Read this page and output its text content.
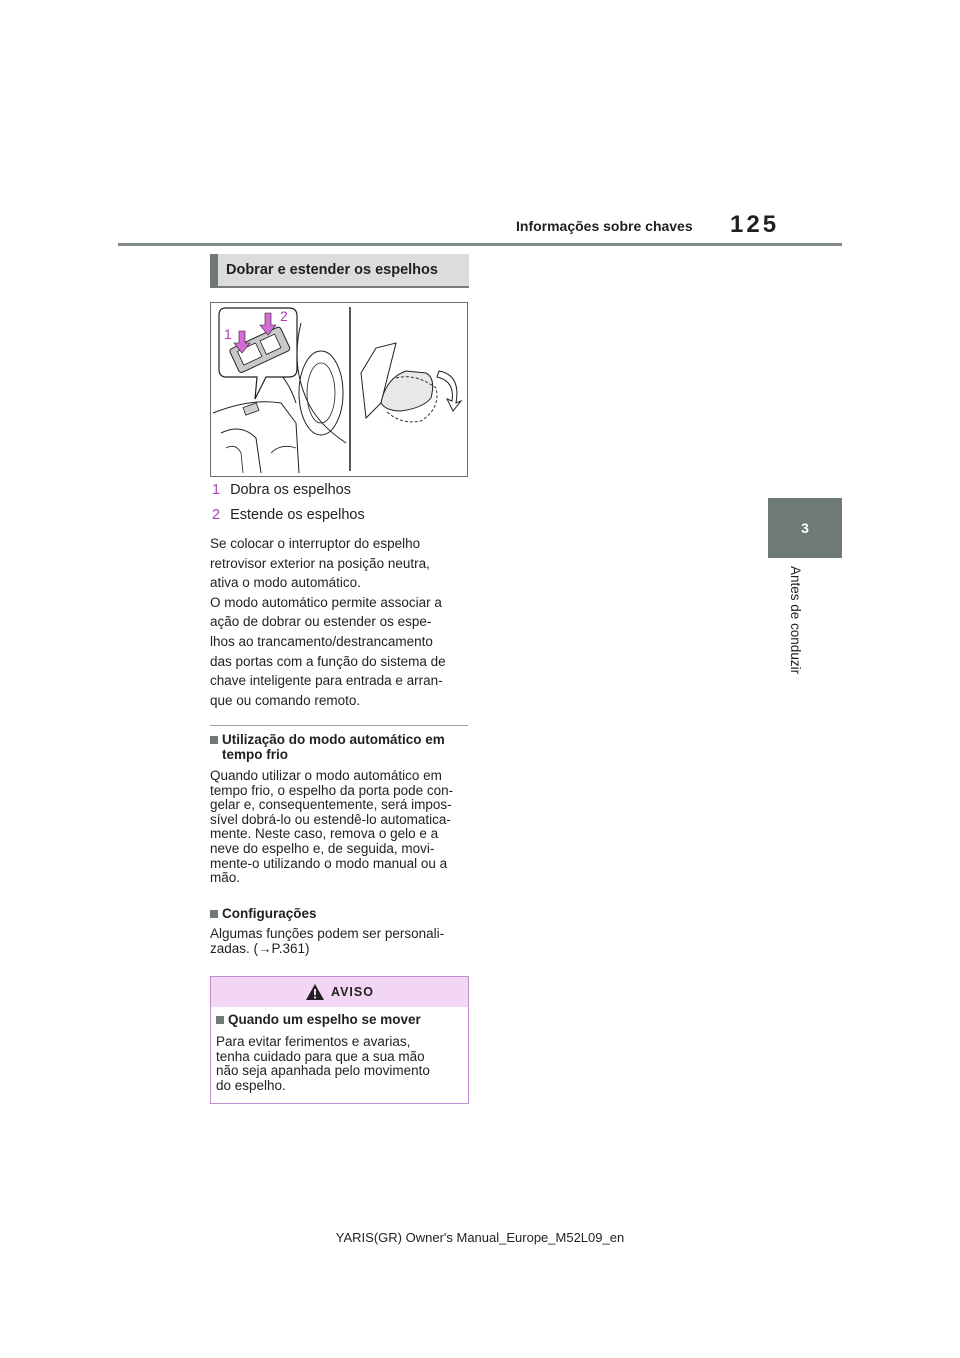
Informações sobre chaves 125
3
Antes de conduzir
Dobrar e estender os espelhos
1
2
1 Dobra os espelhos
2 Estende os espelhos
Se colocar o interruptor do espelho
retrovisor exterior na posição neutra,
ativa o modo automático.
O modo automático permite associar a
ação de dobrar ou estender os espe-
lhos ao trancamento/destrancamento
das portas com a função do sistema de
chave inteligente para entrada e arran-
que ou comando remoto.
Utilização do modo automático em
tempo frio
Quando utilizar o modo automático em
tempo frio, o espelho da porta pode con-
gelar e, consequentemente, será impos-
sível dobrá-lo ou estendê-lo automatica-
mente. Neste caso, remova o gelo e a
neve do espelho e, de seguida, movi-
mente-o utilizando o modo manual ou a
mão.
Configurações
Algumas funções podem ser personali-
zadas. (→P.361)
AVISO
Quando um espelho se mover
Para evitar ferimentos e avarias,
tenha cuidado para que a sua mão
não seja apanhada pelo movimento
do espelho.
YARIS(GR) Owner's Manual_Europe_M52L09_en
